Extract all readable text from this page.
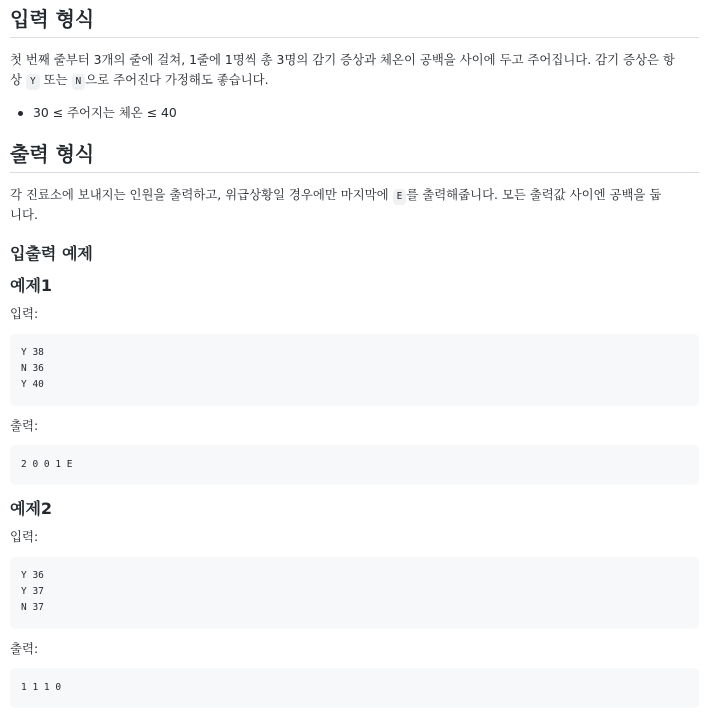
입력 형식
첫 번째 줄부터 3개의 줄에 걸쳐, 1줄에 1명씩 총 3명의 감기 증상과 체온이 공백을 사이에 두고 주어집니다. 감기 증상은 항
상 Y 또는 N 으로 주어진다 가정해도 좋습니다.
30 ≤ 주어지는 체온 ≤ 40
출력 형식
각 진료소에 보내지는 인원을 출력하고, 위급상황일 경우에만 마지막에 E 를 출력해줍니다. 모든 출력값 사이엔 공백을 둡
니다.
입출력 예제
예제1
입력:
Y 38
N 36
Y 40
출력:
2 0 0 1 E
예제2
입력:
Y 36
Y 37
N 37
출력:
1 1 1 0
